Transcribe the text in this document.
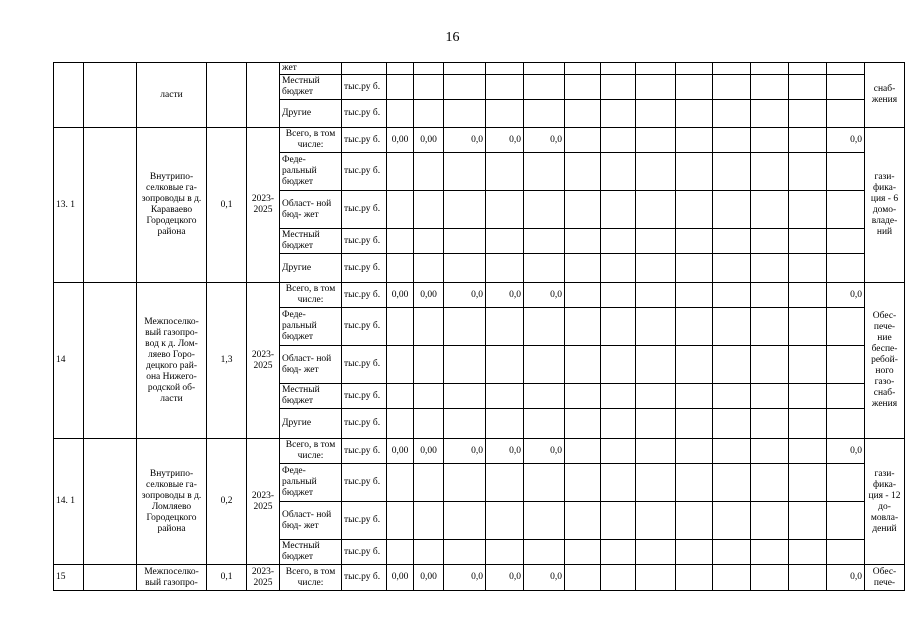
16
		ласти			жет															снаб- жения
					Местный бюджет	тыс.ру б.														
					Другие	тыс.ру б.														
13. 1		Внутрипо- селковые га- зопроводы в д. Караваево Городецкого района	0,1	2023- 2025	Всего, в том числе:	тыс.ру б.	0,00	0,00	0,0	0,0	0,0								0,0	гази- фика- ция - 6 домо- владе- ний
					Феде- ральный бюджет	тыс.ру б.														
					Област- ной бюд- жет	тыс.ру б.														
					Местный бюджет	тыс.ру б.														
					Другие	тыс.ру б.														
14		Межпоселко- вый газопро- вод к д. Лом- ляево Горо- децкого рай- она Нижего- родской об- ласти	1,3	2023- 2025	Всего, в том числе:	тыс.ру б.	0,00	0,00	0,0	0,0	0,0								0,0	Обес- пече- ние беспе- ребой- ного газо- снаб- жения
					Феде- ральный бюджет	тыс.ру б.														
					Област- ной бюд- жет	тыс.ру б.														
					Местный бюджет	тыс.ру б.														
					Другие	тыс.ру б.														
14. 1		Внутрипо- селковые га- зопроводы в д. Ломляево Городецкого района	0,2	2023- 2025	Всего, в том числе:	тыс.ру б.	0,00	0,00	0,0	0,0	0,0								0,0	гази- фика- ция - 12 до- мовла- дений
					Феде- ральный бюджет	тыс.ру б.														
					Област- ной бюд- жет	тыс.ру б.														
					Местный бюджет	тыс.ру б.														
15		Межпоселко- вый газопро-	0,1	2023- 2025	Всего, в том числе:	тыс.ру б.	0,00	0,00	0,0	0,0	0,0								0,0	Обес- пече-
